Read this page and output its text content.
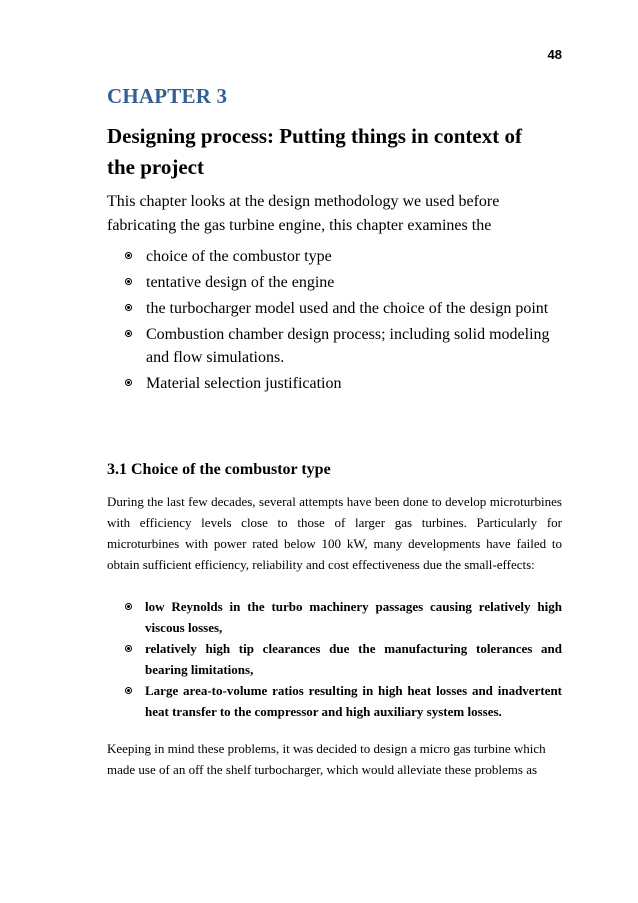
48
CHAPTER 3
Designing process: Putting things in context of the project
This chapter looks at the design methodology we used before fabricating the gas turbine engine, this chapter examines the
choice of the combustor type
tentative design of the engine
the turbocharger model used and the choice of the design point
Combustion chamber design process; including solid modeling and flow simulations.
Material selection justification
3.1 Choice of the combustor type
During the last few decades, several attempts have been done to develop microturbines with efficiency levels close to those of larger gas turbines. Particularly for microturbines with power rated below 100 kW, many developments have failed to obtain sufficient efficiency, reliability and cost effectiveness due the small-effects:
low Reynolds in the turbo machinery passages causing relatively high viscous losses,
relatively high tip clearances due the manufacturing tolerances and bearing limitations,
Large area-to-volume ratios resulting in high heat losses and inadvertent heat transfer to the compressor and high auxiliary system losses.
Keeping in mind these problems, it was decided to design a micro gas turbine which made use of an off the shelf turbocharger, which would alleviate these problems as
